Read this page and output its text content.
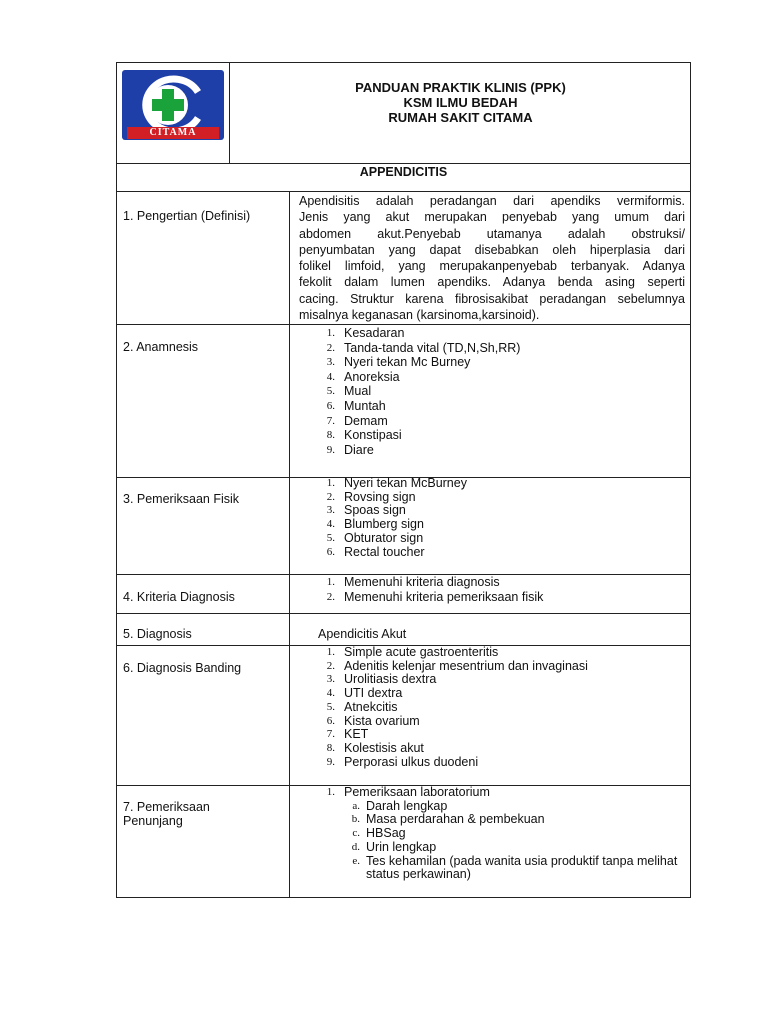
CITAMA
PANDUAN PRAKTIK KLINIS (PPK)
KSM ILMU BEDAH
RUMAH SAKIT CITAMA
APPENDICITIS
1. Pengertian (Definisi)
Apendisitis adalah peradangan dari apendiks vermiformis.
Jenis yang akut merupakan penyebab yang umum dari
abdomen akut.Penyebab utamanya adalah obstruksi/
penyumbatan yang dapat disebabkan oleh hiperplasia dari
folikel limfoid, yang merupakanpenyebab terbanyak. Adanya
fekolit dalam lumen apendiks. Adanya benda asing seperti
cacing. Struktur karena fibrosisakibat peradangan sebelumnya
misalnya keganasan (karsinoma,karsinoid).
2. Anamnesis
1. Kesadaran
2. Tanda-tanda vital (TD,N,Sh,RR)
3. Nyeri tekan Mc Burney
4. Anoreksia
5. Mual
6. Muntah
7. Demam
8. Konstipasi
9. Diare
3. Pemeriksaan Fisik
1. Nyeri tekan McBurney
2. Rovsing sign
3. Spoas sign
4. Blumberg sign
5. Obturator sign
6. Rectal toucher
4. Kriteria Diagnosis
1. Memenuhi kriteria diagnosis
2. Memenuhi kriteria pemeriksaan fisik
5. Diagnosis	Apendicitis Akut
6. Diagnosis Banding
1. Simple acute gastroenteritis
2. Adenitis kelenjar mesentrium dan invaginasi
3. Urolitiasis dextra
4. UTI dextra
5. Atnekcitis
6. Kista ovarium
7. KET
8. Kolestisis akut
9. Perporasi ulkus duodeni
7. Pemeriksaan
Penunjang
1. Pemeriksaan laboratorium
a. Darah lengkap
b. Masa perdarahan & pembekuan
c. HBSag
d. Urin lengkap
e. Tes kehamilan (pada wanita usia produktif tanpa melihat
status perkawinan)
